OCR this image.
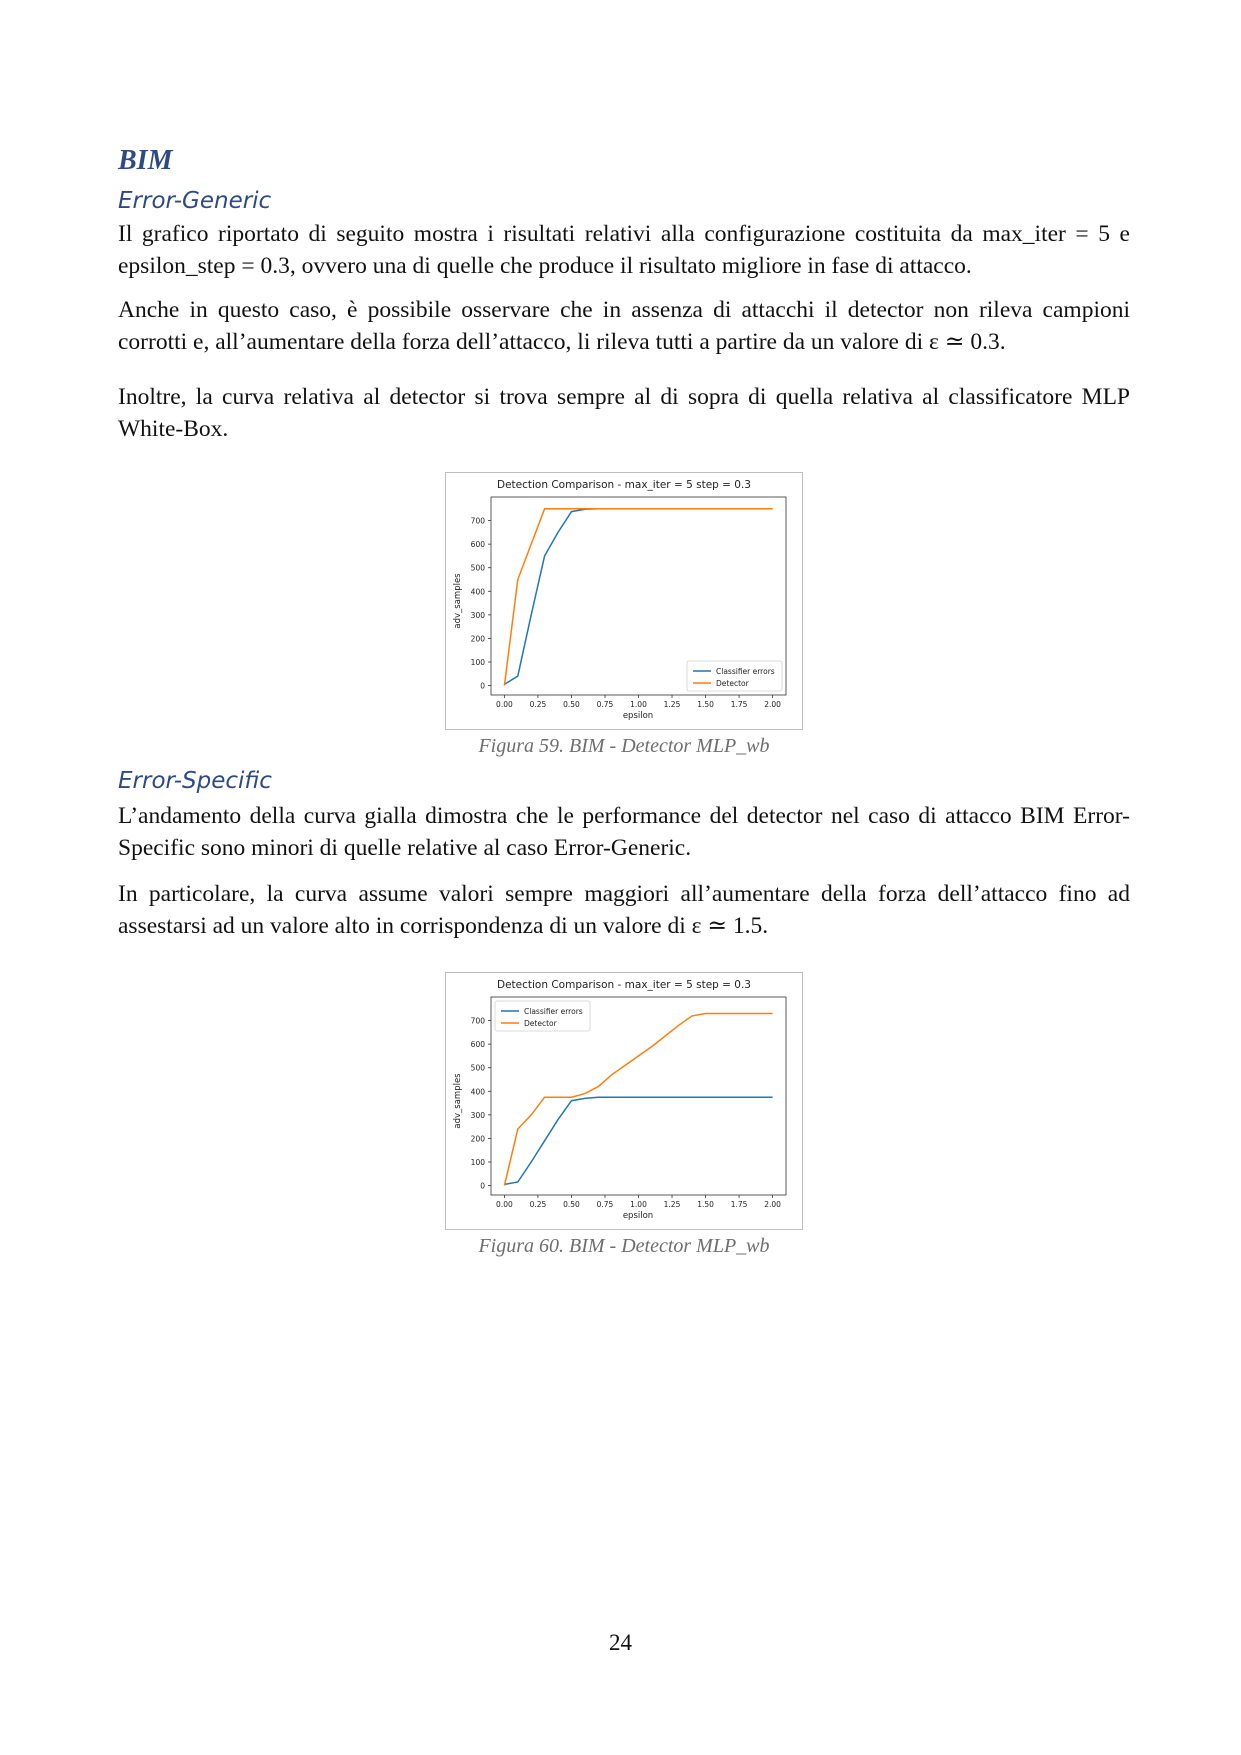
BIM
Error-Generic

Il grafico riportato di seguito mostra i risultati relativi alla configurazione costituita da max_iter = 5 e epsilon_step = 0.3, ovvero una di quelle che produce il risultato migliore in fase di attacco.

Anche in questo caso, è possibile osservare che in assenza di attacchi il detector non rileva campioni corrotti e, all’aumentare della forza dell’attacco, li rileva tutti a partire da un valore di ε ≃ 0.3.

Inoltre, la curva relativa al detector si trova sempre al di sopra di quella relativa al classificatore MLP White-Box.

Detection Comparison - max_iter = 5 step = 0.3
adv_samples
epsilon
Classifier errors
Detector
0.00 0.25 0.50 0.75 1.00 1.25 1.50 1.75 2.00
0
100
200
300
400
500
600
700
Figura 59. BIM - Detector MLP_wb
Error-Specific

L’andamento della curva gialla dimostra che le performance del detector nel caso di attacco BIM Error-Specific sono minori di quelle relative al caso Error-Generic.

In particolare, la curva assume valori sempre maggiori all’aumentare della forza dell’attacco fino ad assestarsi ad un valore alto in corrispondenza di un valore di ε ≃ 1.5.

Detection Comparison - max_iter = 5 step = 0.3
adv_samples
epsilon
Classifier errors
Detector
0.00 0.25 0.50 0.75 1.00 1.25 1.50 1.75 2.00
0
100
200
300
400
500
600
700
Figura 60. BIM - Detector MLP_wb
24
